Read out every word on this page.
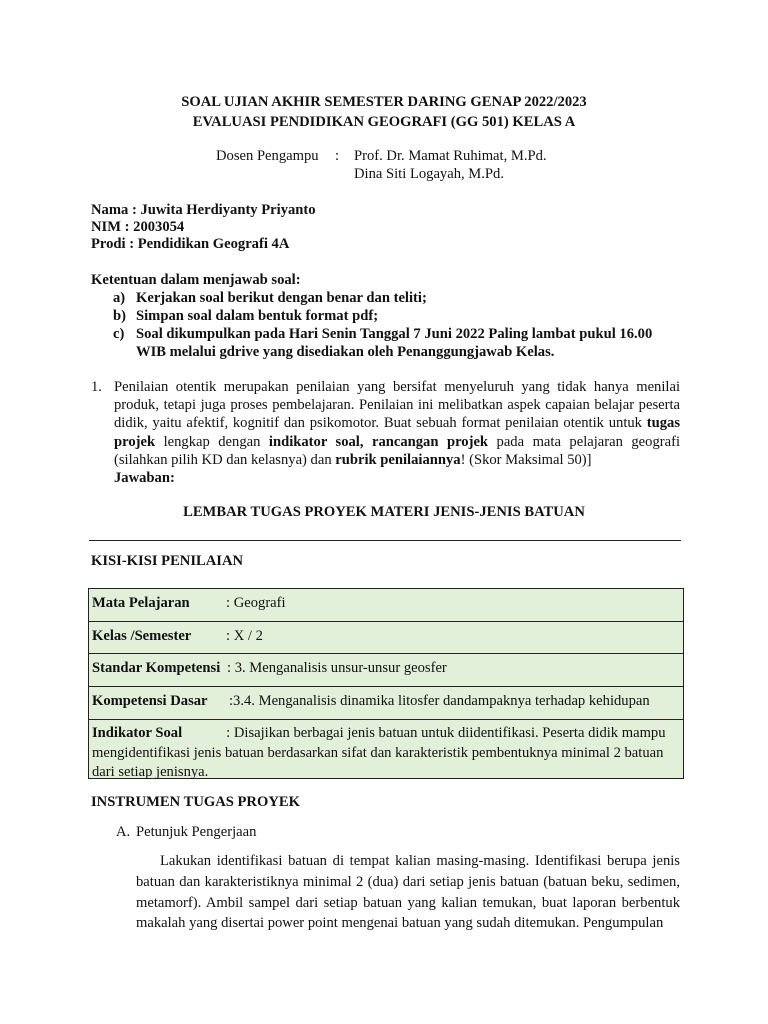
SOAL UJIAN AKHIR SEMESTER DARING GENAP 2022/2023
EVALUASI PENDIDIKAN GEOGRAFI (GG 501) KELAS A
Dosen Pengampu : Prof. Dr. Mamat Ruhimat, M.Pd.
Dina Siti Logayah, M.Pd.
Nama : Juwita Herdiyanty Priyanto
NIM : 2003054
Prodi : Pendidikan Geografi 4A
Ketentuan dalam menjawab soal:
a) Kerjakan soal berikut dengan benar dan teliti;
b) Simpan soal dalam bentuk format pdf;
c) Soal dikumpulkan pada Hari Senin Tanggal 7 Juni 2022 Paling lambat pukul 16.00 WIB melalui gdrive yang disediakan oleh Penanggungjawab Kelas.
1. Penilaian otentik merupakan penilaian yang bersifat menyeluruh yang tidak hanya menilai produk, tetapi juga proses pembelajaran. Penilaian ini melibatkan aspek capaian belajar peserta didik, yaitu afektif, kognitif dan psikomotor. Buat sebuah format penilaian otentik untuk tugas projek lengkap dengan indikator soal, rancangan projek pada mata pelajaran geografi (silahkan pilih KD dan kelasnya) dan rubrik penilaiannya! (Skor Maksimal 50)]
Jawaban:
LEMBAR TUGAS PROYEK MATERI JENIS-JENIS BATUAN
KISI-KISI PENILAIAN
Mata Pelajaran : Geografi
Kelas /Semester : X / 2
Standar Kompetensi : 3. Menganalisis unsur-unsur geosfer
Kompetensi Dasar :3.4. Menganalisis dinamika litosfer dandampaknya terhadap kehidupan
Indikator Soal	: Disajikan berbagai jenis batuan untuk diidentifikasi. Peserta didik mampu mengidentifikasi jenis batuan berdasarkan sifat dan karakteristik pembentuknya minimal 2 batuan dari setiap jenisnya.
INSTRUMEN TUGAS PROYEK
A. Petunjuk Pengerjaan
Lakukan identifikasi batuan di tempat kalian masing-masing. Identifikasi berupa jenis batuan dan karakteristiknya minimal 2 (dua) dari setiap jenis batuan (batuan beku, sedimen, metamorf). Ambil sampel dari setiap batuan yang kalian temukan, buat laporan berbentuk makalah yang disertai power point mengenai batuan yang sudah ditemukan. Pengumpulan
